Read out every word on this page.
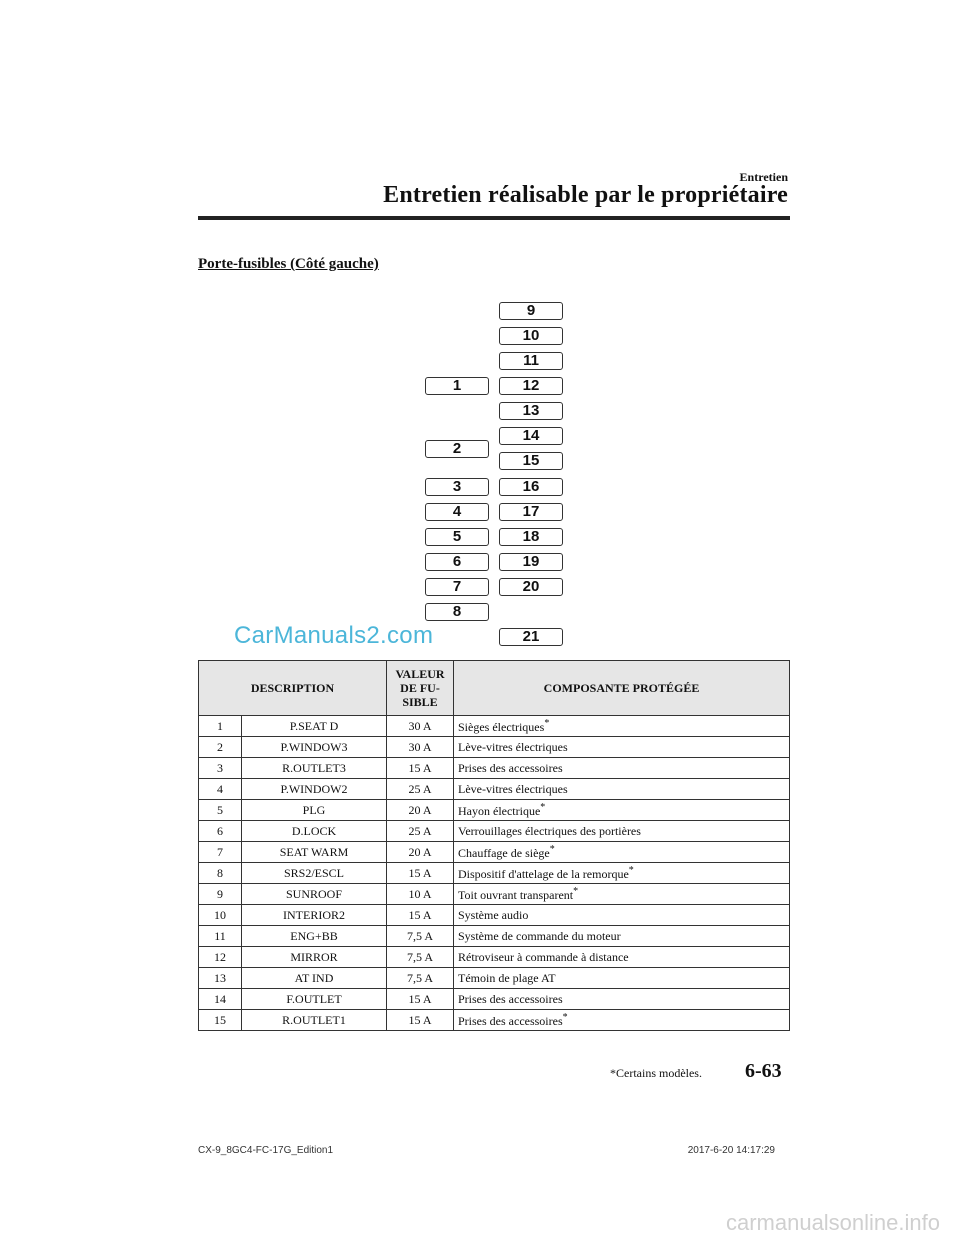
Entretien
Entretien réalisable par le propriétaire
Porte-fusibles (Côté gauche)
1
2
3
4
5
6
7
8
9
10
11
12
13
14
15
16
17
18
19
20
21
CarManuals2.com
DESCRIPTION		VALEUR DE FU- SIBLE	COMPOSANTE PROTÉGÉE
1	P.SEAT D	30 A	Sièges électriques*
2	P.WINDOW3	30 A	Lève-vitres électriques
3	R.OUTLET3	15 A	Prises des accessoires
4	P.WINDOW2	25 A	Lève-vitres électriques
5	PLG	20 A	Hayon électrique*
6	D.LOCK	25 A	Verrouillages électriques des portières
7	SEAT WARM	20 A	Chauffage de siège*
8	SRS2/ESCL	15 A	Dispositif d'attelage de la remorque*
9	SUNROOF	10 A	Toit ouvrant transparent*
10	INTERIOR2	15 A	Système audio
11	ENG+BB	7,5 A	Système de commande du moteur
12	MIRROR	7,5 A	Rétroviseur à commande à distance
13	AT IND	7,5 A	Témoin de plage AT
14	F.OUTLET	15 A	Prises des accessoires
15	R.OUTLET1	15 A	Prises des accessoires*
*Certains modèles. 6-63
CX-9_8GC4-FC-17G_Edition1	2017-6-20 14:17:29
carmanualsonline.info
